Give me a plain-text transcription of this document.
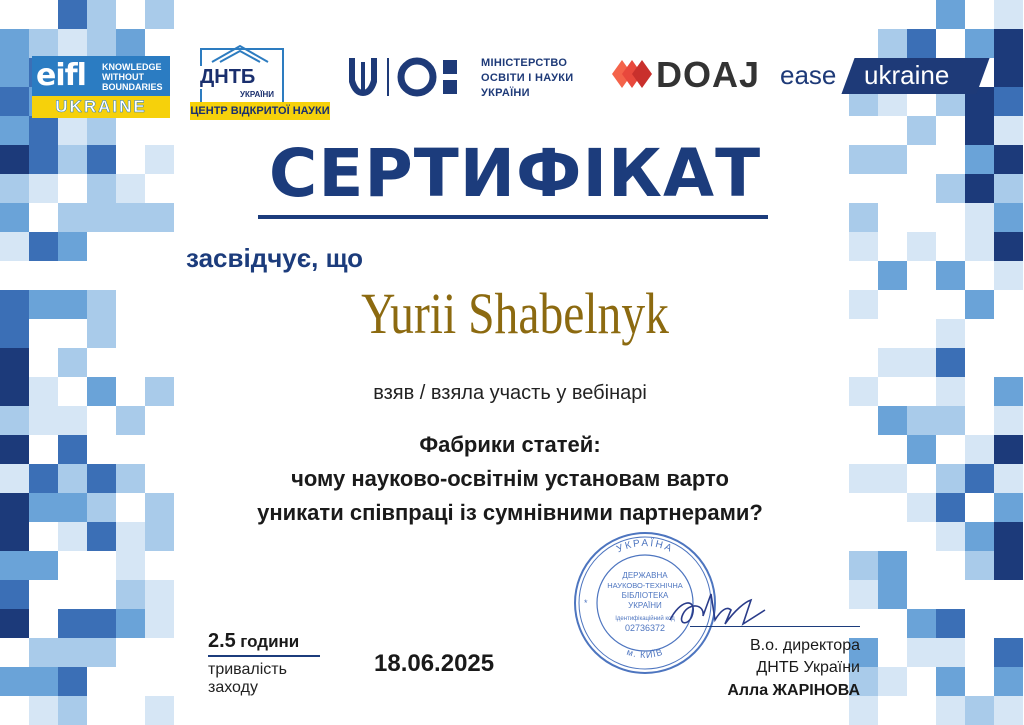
eifl KNOWLEDGE
WITHOUT
BOUNDARIES
UKRAINE
ДНТБ
УКРАЇНИ
ЦЕНТР ВІДКРИТОЇ НАУКИ
МІНІСТЕРСТВО
ОСВІТИ І НАУКИ
УКРАЇНИ	DOAJ ease ukraine
СЕРТИФІКАТ
засвідчує, що
Yurii Shabelnyk
взяв / взяла участь у вебінарі
Фабрики статей:
чому науково-освітнім установам варто
уникати співпраці із сумнівними партнерами?
2.5 години
тривалість
заходу
18.06.2025
УКРАЇНА
м. КИЇВ
ДЕРЖАВНА
НАУКОВО-ТЕХНІЧНА
БІБЛІОТЕКА
УКРАЇНИ
Ідентифікаційний код
02736372
*
В.о. директора
ДНТБ України
Алла ЖАРІНОВА
